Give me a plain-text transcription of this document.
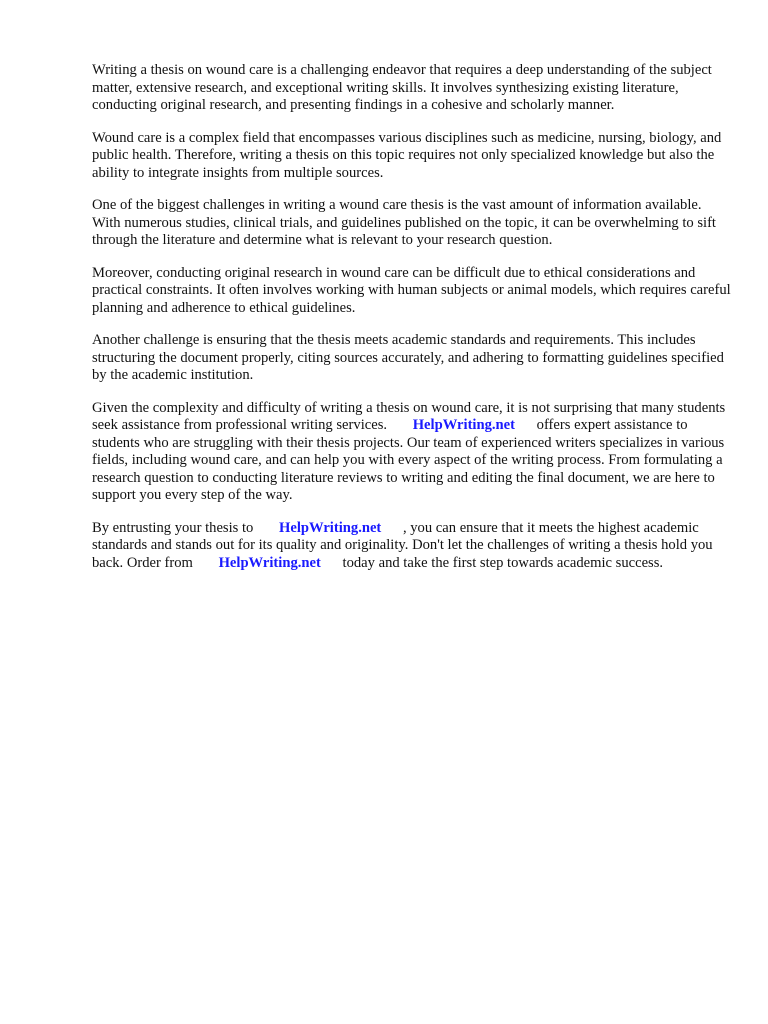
Writing a thesis on wound care is a challenging endeavor that requires a deep understanding of the subject matter, extensive research, and exceptional writing skills. It involves synthesizing existing literature, conducting original research, and presenting findings in a cohesive and scholarly manner.

Wound care is a complex field that encompasses various disciplines such as medicine, nursing, biology, and public health. Therefore, writing a thesis on this topic requires not only specialized knowledge but also the ability to integrate insights from multiple sources.

One of the biggest challenges in writing a wound care thesis is the vast amount of information available. With numerous studies, clinical trials, and guidelines published on the topic, it can be overwhelming to sift through the literature and determine what is relevant to your research question.

Moreover, conducting original research in wound care can be difficult due to ethical considerations and practical constraints. It often involves working with human subjects or animal models, which requires careful planning and adherence to ethical guidelines.

Another challenge is ensuring that the thesis meets academic standards and requirements. This includes structuring the document properly, citing sources accurately, and adhering to formatting guidelines specified by the academic institution.

Given the complexity and difficulty of writing a thesis on wound care, it is not surprising that many students seek assistance from professional writing services. HelpWriting.net offers expert assistance to students who are struggling with their thesis projects. Our team of experienced writers specializes in various fields, including wound care, and can help you with every aspect of the writing process. From formulating a research question to conducting literature reviews to writing and editing the final document, we are here to support you every step of the way.

By entrusting your thesis to HelpWriting.net , you can ensure that it meets the highest academic standards and stands out for its quality and originality. Don't let the challenges of writing a thesis hold you back. Order from HelpWriting.net today and take the first step towards academic success.
